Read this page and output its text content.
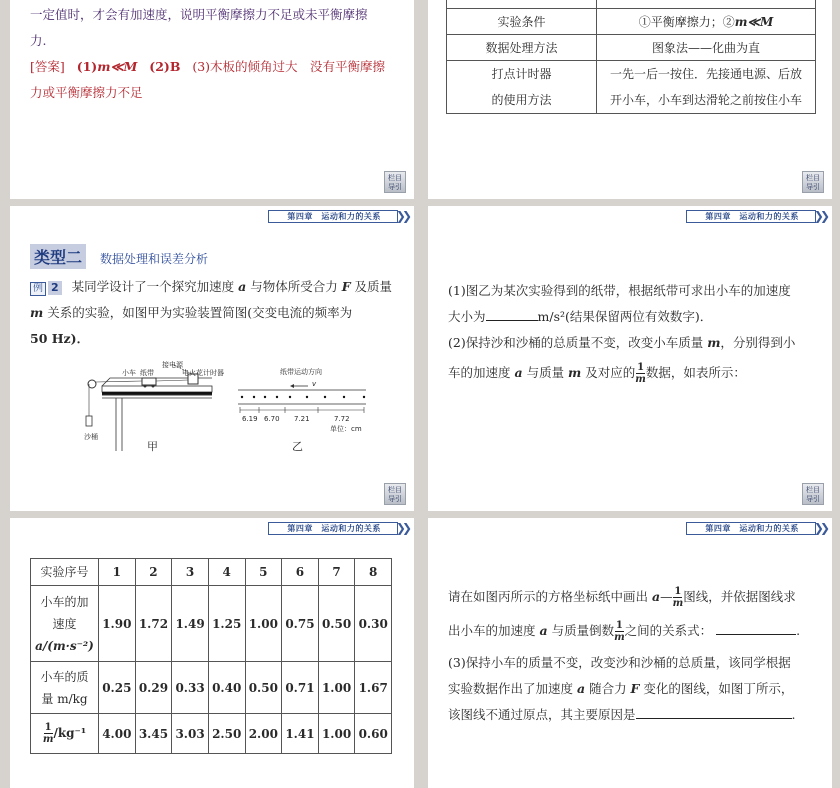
一定值时，才会有加速度，说明平衡摩擦力不足或未平衡摩擦
力.
[答案] (1)m≪M (2)B (3)木板的倾角过大　没有平衡摩擦
力或平衡摩擦力不足
栏目
导引

实验条件	①平衡摩擦力；②m≪M
数据处理方法	图象法——化曲为直
打点计时器
的使用方法	一先一后一按住．先接通电源、后放
开小车，小车到达滑轮之前按住小车
栏目
导引
第四章　运动和力的关系	❯❯
类型二	数据处理和误差分析
例 2 某同学设计了一个探究加速度 a 与物体所受合力 F 及质量 m 关系的实验，如图甲为实验装置简图(交变电流的频率为
50 Hz)．
小车 纸带
接电源
电火花计时器
沙桶
甲
纸带运动方向
v
6.19 6.70 7.21	7.72
单位：cm
乙
栏目
导引
第四章　运动和力的关系	❯❯
(1)图乙为某次实验得到的纸带，根据纸带可求出小车的加速度
大小为	m/s²(结果保留两位有效数字)．
(2)保持沙和沙桶的总质量不变，改变小车质量 m，分别得到小
车的加速度 a 与质量 m 及对应的 $\frac{1}{m}$ 数据，如表所示：
栏目
导引
第四章　运动和力的关系	❯❯
实验序号	1	2	3	4	5	6	7	8
小车的加
速度
a/(m·s⁻²)	1.90	1.72	1.49	1.25	1.00	0.75	0.50	0.30
小车的质
量 m/kg	0.25	0.29	0.33	0.40	0.50	0.71	1.00	1.67

$\frac{1}{m} /kg^{-1}$	4.00	3.45	3.03	2.50	2.00	1.41	1.00	0.60
第四章　运动和力的关系	❯❯
请在如图丙所示的方格坐标纸中画出 a— $\frac{1}{m}$ 图线，并依据图线求
出小车的加速度 a 与质量倒数 $\frac{1}{m}$ 之间的关系式：	.
(3)保持小车的质量不变，改变沙和沙桶的总质量，该同学根据
实验数据作出了加速度 a 随合力 F 变化的图线，如图丁所示，
该图线不通过原点，其主要原因是	.
